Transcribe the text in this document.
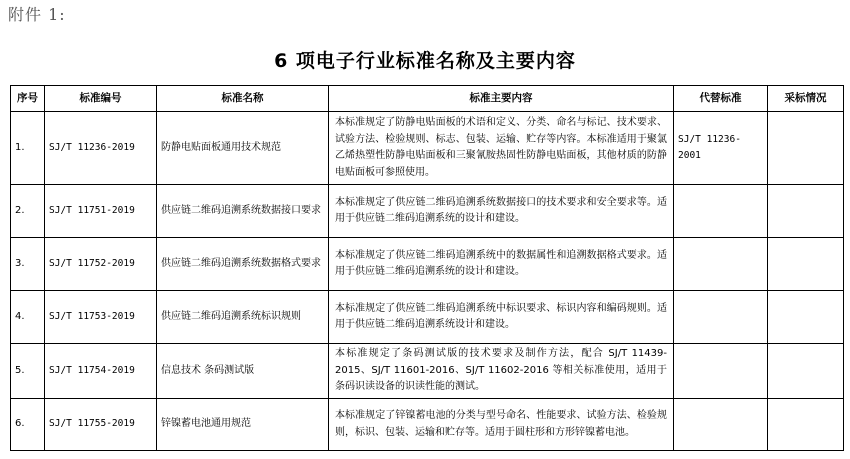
附件 1:
6 项电子行业标准名称及主要内容
序号	标准编号	标准名称	标准主要内容	代替标准	采标情况
1.	SJ/T 11236-2019	防静电贴面板通用技术规范	本标准规定了防静电贴面板的术语和定义、分类、命名与标记、技术要求、试验方法、检验规则、标志、包装、运输、贮存等内容。本标准适用于聚氯乙烯热塑性防静电贴面板和三聚氰胺热固性防静电贴面板，其他材质的防静电贴面板可参照使用。	SJ/T 11236-2001	
2.	SJ/T 11751-2019	供应链二维码追溯系统数据接口要求	本标准规定了供应链二维码追溯系统数据接口的技术要求和安全要求等。适用于供应链二维码追溯系统的设计和建设。		
3.	SJ/T 11752-2019	供应链二维码追溯系统数据格式要求	本标准规定了供应链二维码追溯系统中的数据属性和追溯数据格式要求。适用于供应链二维码追溯系统的设计和建设。		
4.	SJ/T 11753-2019	供应链二维码追溯系统标识规则	本标准规定了供应链二维码追溯系统中标识要求、标识内容和编码规则。适用于供应链二维码追溯系统设计和建设。		
5.	SJ/T 11754-2019	信息技术 条码测试版	本标准规定了条码测试版的技术要求及制作方法，配合 SJ/T 11439-2015、SJ/T 11601-2016、SJ/T 11602-2016 等相关标准使用，适用于条码识读设备的识读性能的测试。		
6.	SJ/T 11755-2019	锌镍蓄电池通用规范	本标准规定了锌镍蓄电池的分类与型号命名、性能要求、试验方法、检验规则，标识、包装、运输和贮存等。适用于圆柱形和方形锌镍蓄电池。		
